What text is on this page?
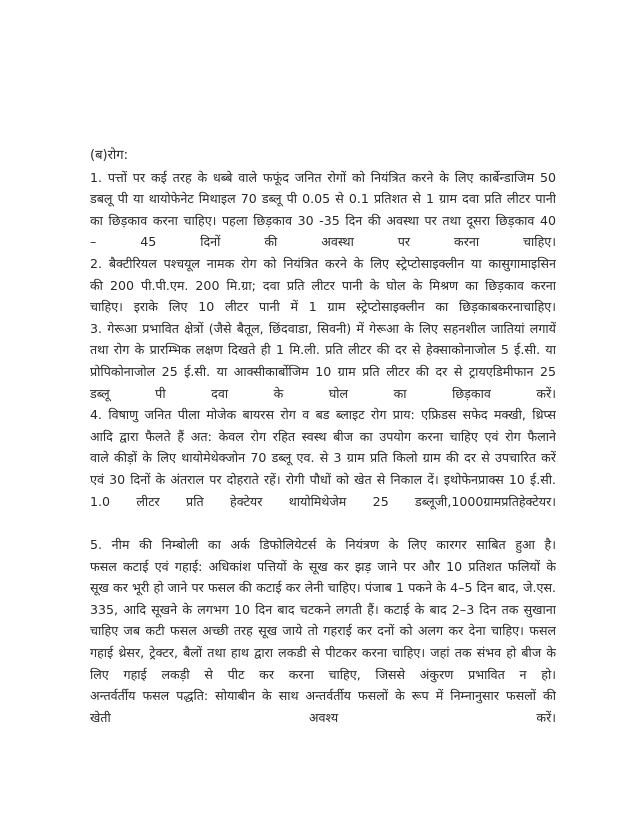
(ब)रोग:
1. पत्तों पर कई तरह के धब्बे वाले फफूंद जनित रोगों को नियंत्रित करने के लिए कार्बेन्डाजिम 50
डबलू पी या थायोफेनेट मिथाइल 70 डब्लू पी 0.05 से 0.1 प्रतिशत से 1 ग्राम दवा प्रति लीटर पानी
का छिड़काव करना चाहिए। पहला छिड़काव 30 -35 दिन की अवस्था पर तथा दूसरा छिड़काव 40
– 45 दिनों की अवस्था पर करना चाहिए।
2. बैक्टीरियल पश्चयूल नामक रोग को नियंत्रित करने के लिए स्ट्रेप्टोसाइक्लीन या कासुगामाइसिन
की 200 पी.पी.एम. 200 मि.ग्रा; दवा प्रति लीटर पानी के घोल के मिश्रण का छिड़काव करना
चाहिए। इराके लिए 10 लीटर पानी में 1 ग्राम स्ट्रेप्टोसाइक्लीन का छिड़काबकरनाचाहिए।
3. गेरूआ प्रभावित क्षेत्रों (जैसे बैतूल, छिंदवाडा, सिवनी) में गेरूआ के लिए सहनशील जातियां लगायें
तथा रोग के प्रारम्भिक लक्षण दिखते ही 1 मि.ली. प्रति लीटर की दर से हेक्साकोनाजोल 5 ई.सी. या
प्रोपिकोनाजोल 25 ई.सी. या आक्सीकार्बोजिम 10 ग्राम प्रति लीटर की दर से ट्रायएडिमीफान 25
डब्लू पी दवा के घोल का छिड़काव करें।
4. विषाणु जनित पीला मोजेक बायरस रोग व बड ब्लाइट रोग प्राय: एफ्रिडस सफेद मक्खी, थ्रिप्स
आदि द्वारा फैलते हैं अत: केवल रोग रहित स्वस्थ बीज का उपयोग करना चाहिए एवं रोग फैलाने
वाले कीड़ों के लिए थायोमेथेक्जोन 70 डब्लू एव. से 3 ग्राम प्रति किलो ग्राम की दर से उपचारित करें
एवं 30 दिनों के अंतराल पर दोहराते रहें। रोगी पौधों को खेत से निकाल दें। इथोफेनप्राक्स 10 ई.सी.
1.0 लीटर प्रति हेक्टेयर थायोमिथेजेम 25 डब्लूजी,1000ग्रामप्रतिहेक्टेयर।
5. नीम की निम्बोली का अर्क डिफोलियेटर्स के नियंत्रण के लिए कारगर साबित हुआ है।
फसल कटाई एवं गहाई: अधिकांश पत्तियों के सूख कर झड़ जाने पर और 10 प्रतिशत फलियों के
सूख कर भूरी हो जाने पर फसल की कटाई कर लेनी चाहिए। पंजाब 1 पकने के 4–5 दिन बाद, जे.एस.
335, आदि सूखने के लगभग 10 दिन बाद चटकने लगती हैं। कटाई के बाद 2–3 दिन तक सुखाना
चाहिए जब कटी फसल अच्छी तरह सूख जाये तो गहराई कर दनों को अलग कर देना चाहिए। फसल
गहाई थ्रेसर, ट्रेक्टर, बैलों तथा हाथ द्वारा लकडी से पीटकर करना चाहिए। जहां तक संभव हो बीज के
लिए गहाई लकड़ी से पीट कर करना चाहिए, जिससे अंकुरण प्रभावित न हो।
अन्तर्वर्तीय फसल पद्धति: सोयाबीन के साथ अन्तर्वर्तीय फसलों के रूप में निम्नानुसार फसलों की
खेती अवश्य करें।
